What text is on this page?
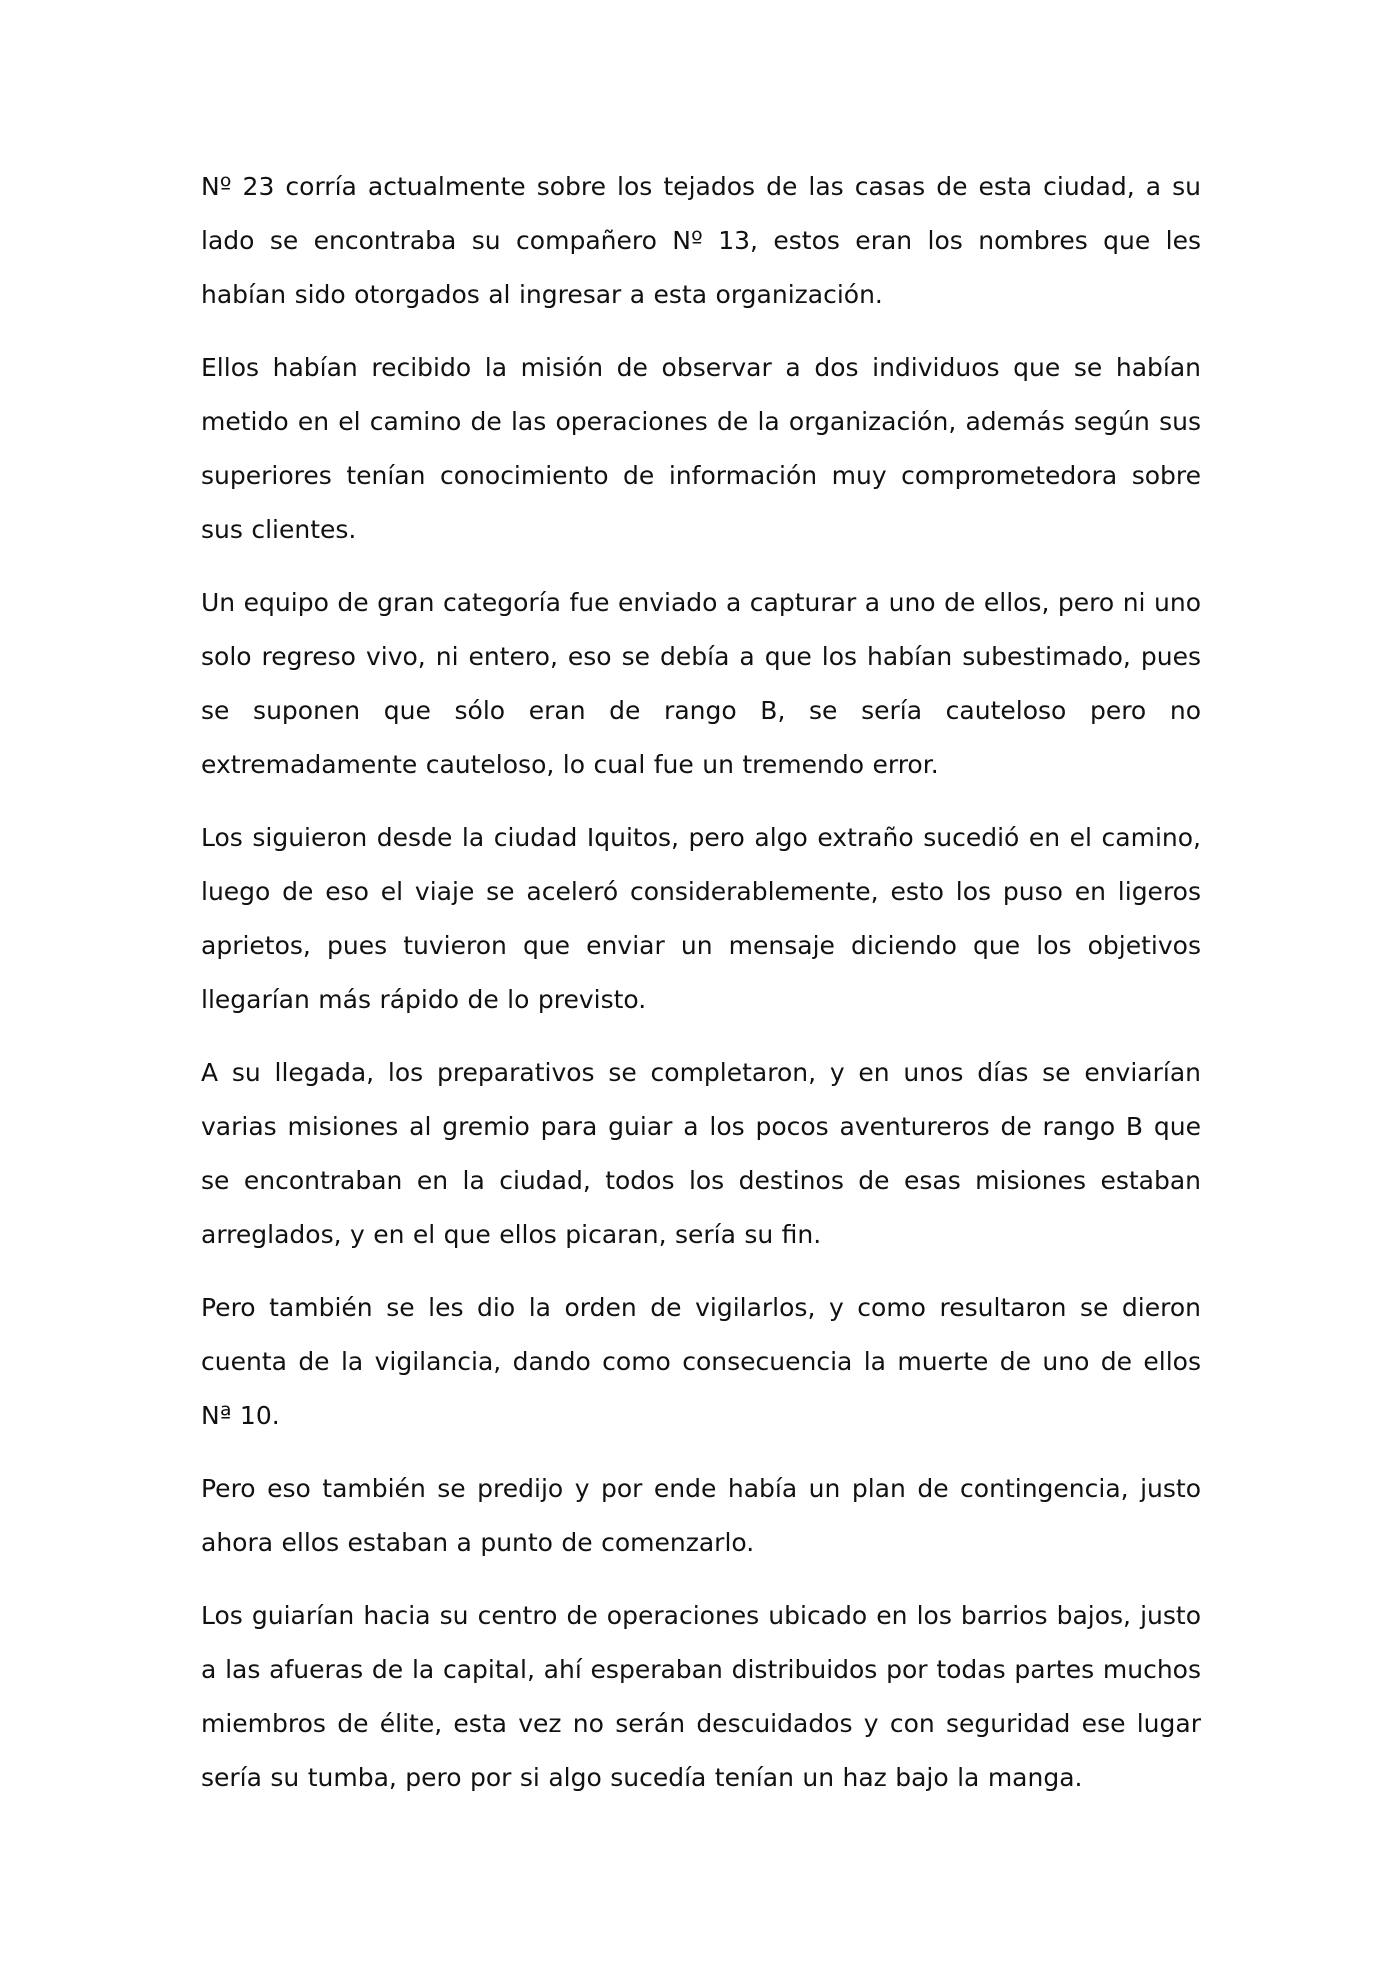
Nº 23 corría actualmente sobre los tejados de las casas de esta ciudad, a su lado se encontraba su compañero Nº 13, estos eran los nombres que les habían sido otorgados al ingresar a esta organización.

Ellos habían recibido la misión de observar a dos individuos que se habían metido en el camino de las operaciones de la organización, además según sus superiores tenían conocimiento de información muy comprometedora sobre sus clientes.

Un equipo de gran categoría fue enviado a capturar a uno de ellos, pero ni uno solo regreso vivo, ni entero, eso se debía a que los habían subestimado, pues se suponen que sólo eran de rango B, se sería cauteloso pero no extremadamente cauteloso, lo cual fue un tremendo error.

Los siguieron desde la ciudad Iquitos, pero algo extraño sucedió en el camino, luego de eso el viaje se aceleró considerablemente, esto los puso en ligeros aprietos, pues tuvieron que enviar un mensaje diciendo que los objetivos llegarían más rápido de lo previsto.

A su llegada, los preparativos se completaron, y en unos días se enviarían varias misiones al gremio para guiar a los pocos aventureros de rango B que se encontraban en la ciudad, todos los destinos de esas misiones estaban arreglados, y en el que ellos picaran, sería su fin.

Pero también se les dio la orden de vigilarlos, y como resultaron se dieron cuenta de la vigilancia, dando como consecuencia la muerte de uno de ellos Nª 10.

Pero eso también se predijo y por ende había un plan de contingencia, justo ahora ellos estaban a punto de comenzarlo.

Los guiarían hacia su centro de operaciones ubicado en los barrios bajos, justo a las afueras de la capital, ahí esperaban distribuidos por todas partes muchos miembros de élite, esta vez no serán descuidados y con seguridad ese lugar sería su tumba, pero por si algo sucedía tenían un haz bajo la manga.
